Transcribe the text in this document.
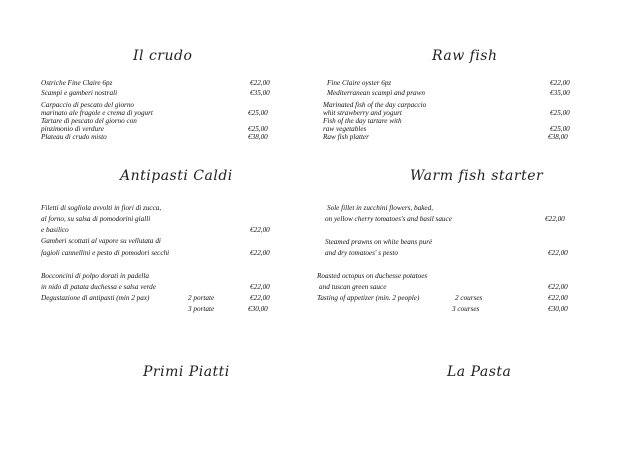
Il crudo	Raw fish
Antipasti Caldi	Warm fish starter
Primi Piatti	La Pasta
Ostriche Fine Claire 6pz	€22,00
Scampi e gamberi nostrali	€35,00
Carpaccio di pescato del giorno
marinato ale fragole e crema di yogurt	€25,00
Tartare di pescato del giorno con
pinzimonio di verdure	€25,00
Plateau di crudo misto	€38,00
Fine Claire oyster 6pz	€22,00
Mediterranean scampi and prawn	€35,00
Marinated fish of the day carpaccio
whit strawberry and yogurt	€25,00
Fish of the day tartare with
raw vegetables	€25,00
Raw fish platter	€38,00
Filetti di sogliola avvolti in fiori di zucca,
al forno, su salsa di pomodorini gialli
e basilico	€22,00
Gamberi scottati al vapore su vellutata di
fagioli cannellini e pesto di pomodori secchi	€22,00
Bocconcini di polpo dorati in padella
in nido di patata duchessa e salsa verde	€22,00
Degustazione di antipasti (min 2 pax)	2 portate	€22,00
3 portate	€30,00
Sole fillet in zucchini flowers, baked,
on yellow cherry tomatoes's and basil sauce	€22,00
Steamed prawns on white beans purè
and dry tomatoes' s pesto	€22,00
Roasted octopus on duchesse potatoes
and tuscan green sauce	€22,00
Tasting of appetizer (min. 2 people)	2 courses	€22,00
3 courses	€30,00
